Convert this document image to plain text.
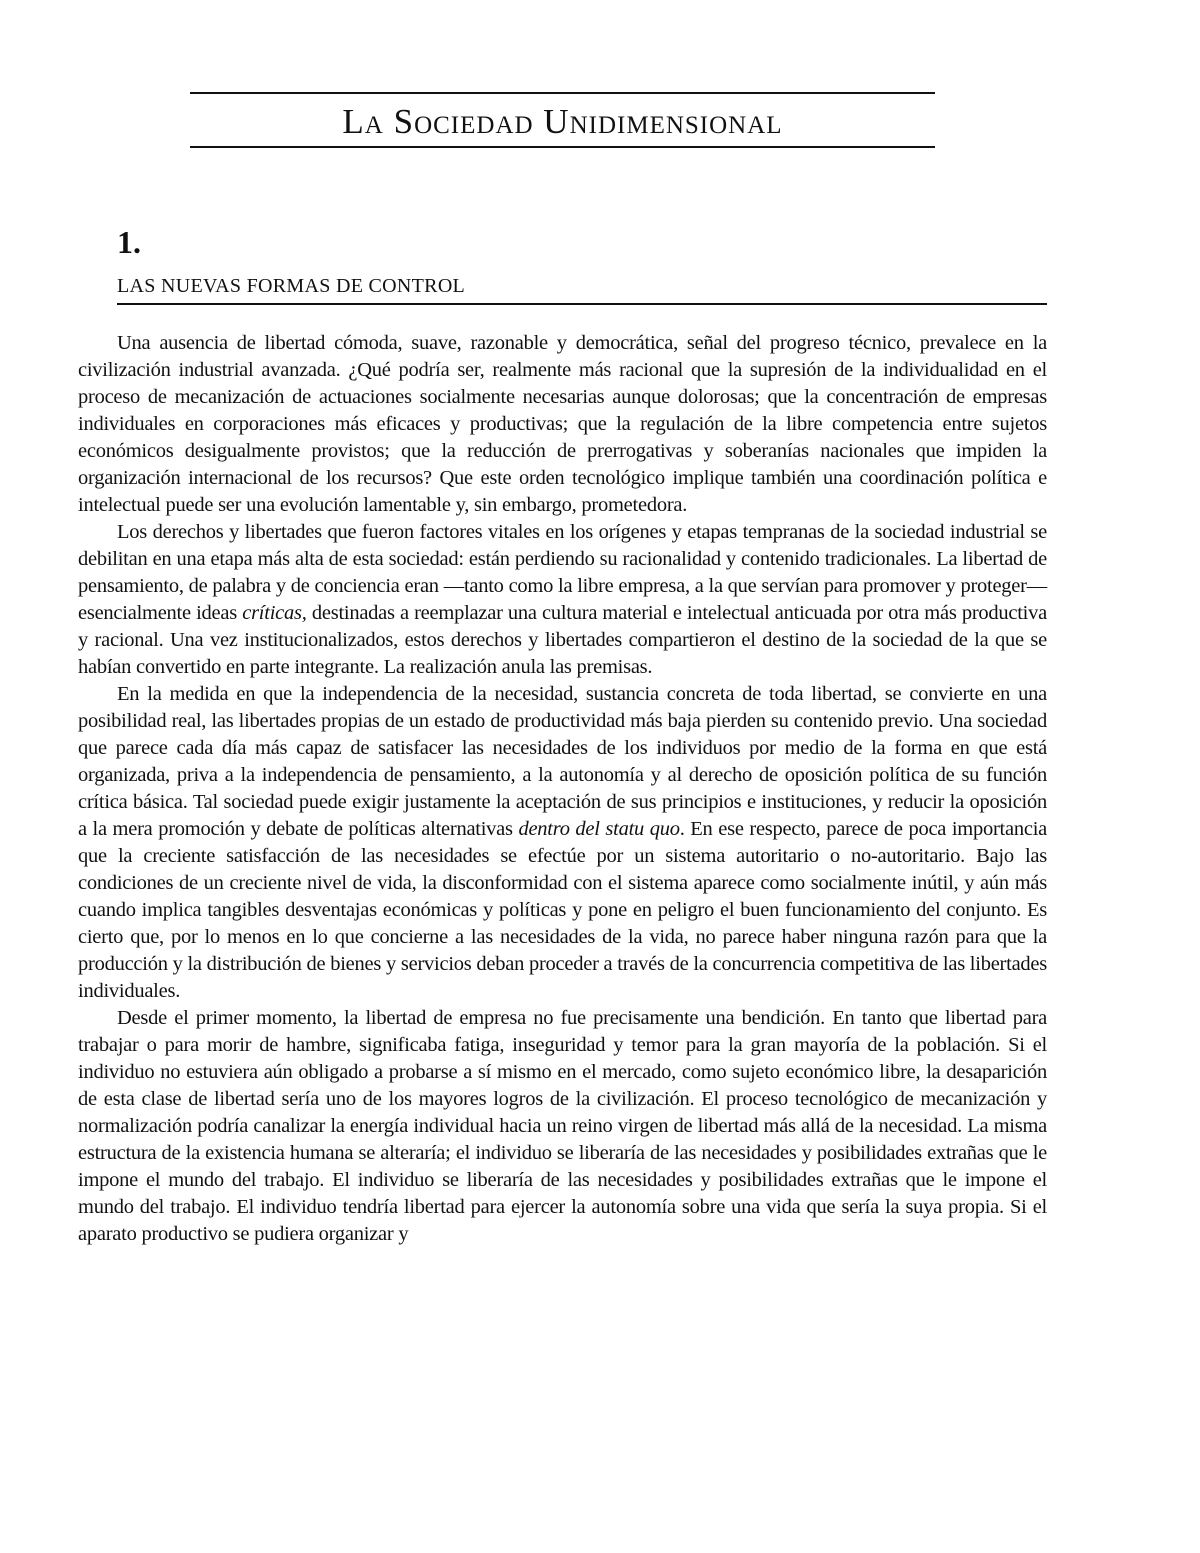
La Sociedad Unidimensional
1.
LAS NUEVAS FORMAS DE CONTROL

Una ausencia de libertad cómoda, suave, razonable y democrática, señal del progreso técnico, prevalece en la civilización industrial avanzada. ¿Qué podría ser, realmente más racional que la supresión de la individualidad en el proceso de mecanización de actuaciones socialmente necesarias aunque dolorosas; que la concentración de empresas individuales en corporaciones más eficaces y productivas; que la regulación de la libre competencia entre sujetos económicos desigualmente provistos; que la reducción de prerrogativas y soberanías nacionales que impiden la organización internacional de los recursos? Que este orden tecnológico implique también una coordinación política e intelectual puede ser una evolución lamentable y, sin embargo, prometedora.

Los derechos y libertades que fueron factores vitales en los orígenes y etapas tempranas de la sociedad industrial se debilitan en una etapa más alta de esta sociedad: están perdiendo su racionalidad y contenido tradicionales. La libertad de pensamiento, de palabra y de conciencia eran —tanto como la libre empresa, a la que servían para promover y proteger— esencialmente ideas críticas, destinadas a reemplazar una cultura material e intelectual anticuada por otra más productiva y racional. Una vez institucionalizados, estos derechos y libertades compartieron el destino de la sociedad de la que se habían convertido en parte integrante. La realización anula las premisas.

En la medida en que la independencia de la necesidad, sustancia concreta de toda libertad, se convierte en una posibilidad real, las libertades propias de un estado de productividad más baja pierden su contenido previo. Una sociedad que parece cada día más capaz de satisfacer las necesidades de los individuos por medio de la forma en que está organizada, priva a la independencia de pensamiento, a la autonomía y al derecho de oposición política de su función crítica básica. Tal sociedad puede exigir justamente la aceptación de sus principios e instituciones, y reducir la oposición a la mera promoción y debate de políticas alternativas dentro del statu quo. En ese respecto, parece de poca importancia que la creciente satisfacción de las necesidades se efectúe por un sistema autoritario o no-autoritario. Bajo las condiciones de un creciente nivel de vida, la disconformidad con el sistema aparece como socialmente inútil, y aún más cuando implica tangibles desventajas económicas y políticas y pone en peligro el buen funcionamiento del conjunto. Es cierto que, por lo menos en lo que concierne a las necesidades de la vida, no parece haber ninguna razón para que la producción y la distribución de bienes y servicios deban proceder a través de la concurrencia competitiva de las libertades individuales.

Desde el primer momento, la libertad de empresa no fue precisamente una bendición. En tanto que libertad para trabajar o para morir de hambre, significaba fatiga, inseguridad y temor para la gran mayoría de la población. Si el individuo no estuviera aún obligado a probarse a sí mismo en el mercado, como sujeto económico libre, la desaparición de esta clase de libertad sería uno de los mayores logros de la civilización. El proceso tecnológico de mecanización y normalización podría canalizar la energía individual hacia un reino virgen de libertad más allá de la necesidad. La misma estructura de la existencia humana se alteraría; el individuo se liberaría de las necesidades y posibilidades extrañas que le impone el mundo del trabajo. El individuo se liberaría de las necesidades y posibilidades extrañas que le impone el mundo del trabajo. El individuo tendría libertad para ejercer la autonomía sobre una vida que sería la suya propia. Si el aparato productivo se pudiera organizar y
